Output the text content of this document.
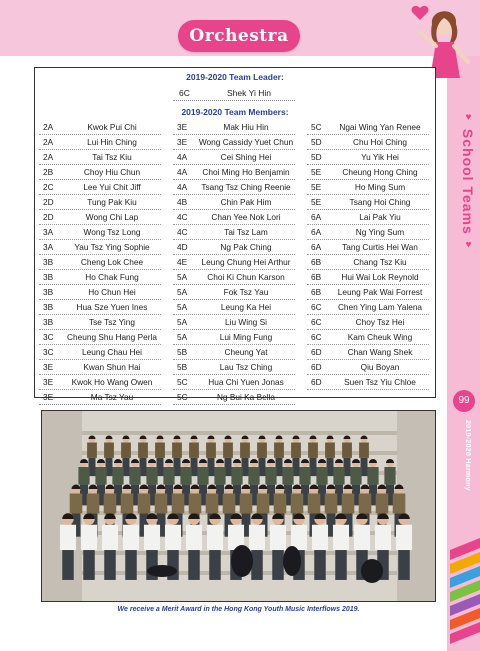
Orchestra
♥ School Teams ♥
99
2019-2020 Harmony
2019-2020 Team Leader:
6C	Shek Yi Hin
2019-2020 Team Members:
2A	Kwok Pui Chi
2A	Lui Hin Ching
2A	Tai Tsz Kiu
2B	Choy Hiu Chun
2C	Lee Yui Chit Jiff
2D	Tung Pak Kiu
2D	Wong Chi Lap
3A	Wong Tsz Long
3A	Yau Tsz Ying Sophie
3B	Cheng Lok Chee
3B	Ho Chak Fung
3B	Ho Chun Hei
3B	Hua Sze Yuen Ines
3B	Tse Tsz Ying
3C	Cheung Shu Hang Perla
3C	Leung Chau Hei
3E	Kwan Shun Hai
3E	Kwok Ho Wang Owen
3E	Ma Tsz Yau
3E	Mak Hiu Hin
3E Wong Cassidy Yuet Chun
4A	Cei Shing Hei
4A	Choi Ming Ho Benjamin
4A	Tsang Tsz Ching Reenie
4B	Chin Pak Him
4C	Chan Yee Nok Lori
4C	Tai Tsz Lam
4D	Ng Pak Ching
4E	Leung Chung Hei Arthur
5A	Choi Ki Chun Karson
5A	Fok Tsz Yau
5A	Leung Ka Hei
5A	Liu Wing Si
5A	Lui Ming Fung
5B	Cheung Yat
5B	Lau Tsz Ching
5C	Hua Chi Yuen Jonas
5C	Ng Bui Ka Bella
5C	Ngai Wing Yan Renee
5D	Chu Hoi Ching
5D	Yu Yik Hei
5E	Cheung Hong Ching
5E	Ho Ming Sum
5E	Tsang Hoi Ching
6A	Lai Pak Yiu
6A	Ng Ying Sum
6A	Tang Curtis Hei Wan
6B	Chang Tsz Kiu
6B	Hui Wai Lok Reynold
6B	Leung Pak Wai Forrest
6C	Chen Ying Lam Yalena
6C	Choy Tsz Hei
6C	Kam Cheuk Wing
6D	Chan Wang Shek
6D	Qiu Boyan
6D	Suen Tsz Yiu Chloe
We receive a Merit Award in the Hong Kong Youth Music Interflows 2019.
